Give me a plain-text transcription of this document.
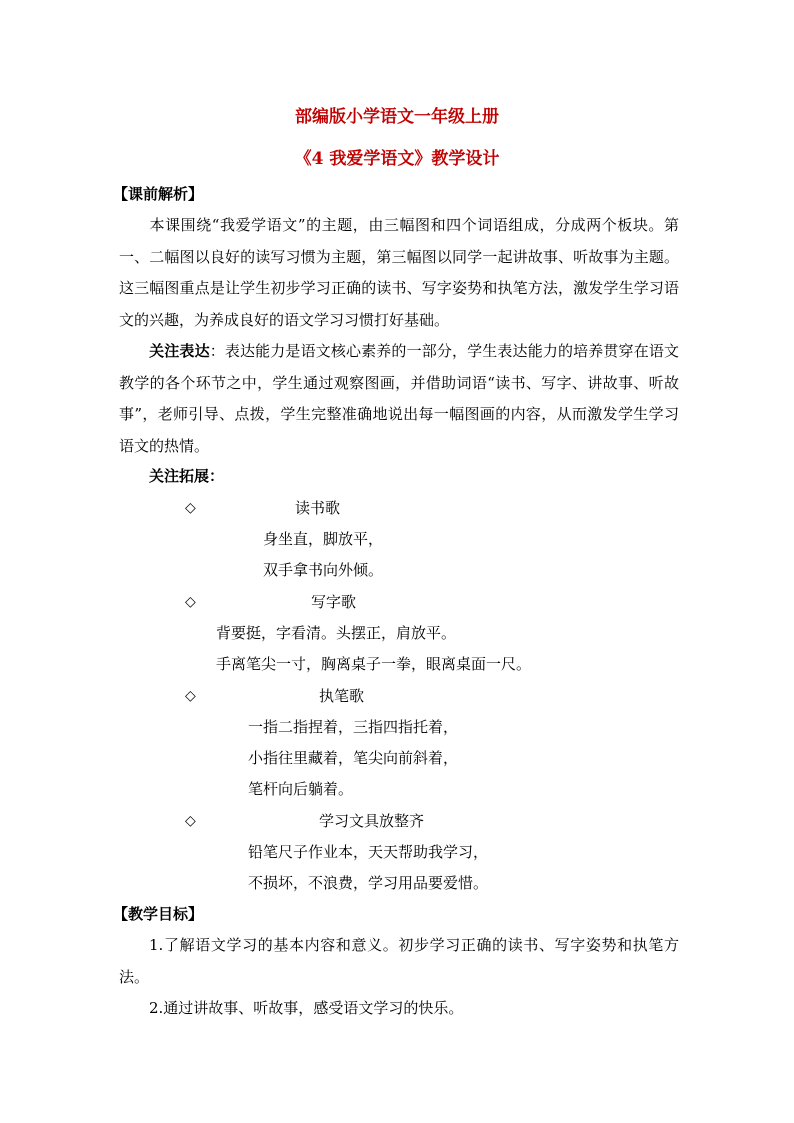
部编版小学语文一年级上册
《4 我爱学语文》教学设计
【课前解析】
本课围绕“我爱学语文”的主题，由三幅图和四个词语组成，分成两个板块。第一、二幅图以良好的读写习惯为主题，第三幅图以同学一起讲故事、听故事为主题。这三幅图重点是让学生初步学习正确的读书、写字姿势和执笔方法，激发学生学习语文的兴趣，为养成良好的语文学习习惯打好基础。
关注表达：表达能力是语文核心素养的一部分，学生表达能力的培养贯穿在语文教学的各个环节之中，学生通过观察图画，并借助词语“读书、写字、讲故事、听故事”，老师引导、点拨，学生完整准确地说出每一幅图画的内容，从而激发学生学习语文的热情。
关注拓展：
◇	读书歌
身坐直，脚放平，
双手拿书向外倾。
◇	写字歌
背要挺，字看清。头摆正，肩放平。
手离笔尖一寸，胸离桌子一拳，眼离桌面一尺。
◇	执笔歌
一指二指捏着，三指四指托着，
小指往里藏着，笔尖向前斜着，
笔杆向后躺着。
◇	学习文具放整齐
铅笔尺子作业本，天天帮助我学习，
不损坏，不浪费，学习用品要爱惜。
【教学目标】
1.了解语文学习的基本内容和意义。初步学习正确的读书、写字姿势和执笔方法。
2.通过讲故事、听故事，感受语文学习的快乐。
